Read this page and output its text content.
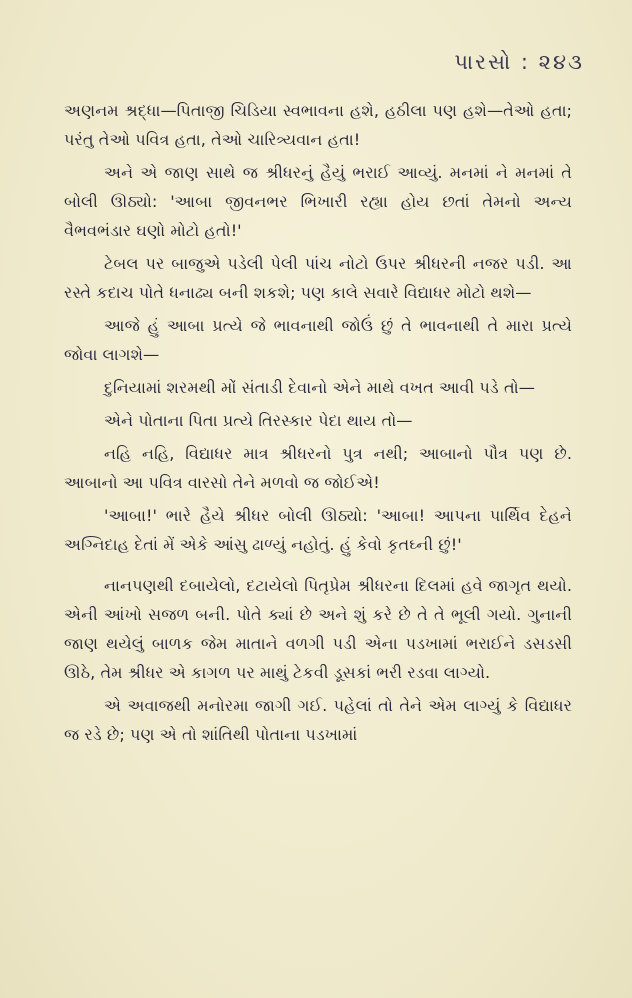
પારસો : ૨૪૩

અણનમ શ્રદ્ધા—પિતાજી ચિડિયા સ્વભાવના હશે, હઠીલા પણ હશે—તેઓ હતા; પરંતુ તેઓ પવિત્ર હતા, તેઓ ચારિત્ર્યવાન હતા!

અને એ જાણ સાથે જ શ્રીધરનું હૈયું ભરાઈ આવ્યું. મનમાં ને મનમાં તે બોલી ઊઠ્યો: 'આબા જીવનભર ભિખારી રહ્યા હોય છતાં તેમનો અન્ય વૈભવભંડાર ઘણો મોટો હતો!'

ટેબલ પર બાજુએ પડેલી પેલી પાંચ નોટો ઉપર શ્રીધરની નજર પડી. આ રસ્તે કદાચ પોતે ધનાઢ્ય બની શકશે; પણ કાલે સવારે વિદ્યાધર મોટો થશે—

આજે હું આબા પ્રત્યે જે ભાવનાથી જોઉં છું તે ભાવનાથી તે મારા પ્રત્યે જોવા લાગશે—

દુનિયામાં શરમથી મોં સંતાડી દેવાનો એને માથે વખત આવી પડે તો—

એને પોતાના પિતા પ્રત્યે તિરસ્કાર પેદા થાય તો—

નહિ નહિ, વિદ્યાધર માત્ર શ્રીધરનો પુત્ર નથી; આબાનો પૌત્ર પણ છે. આબાનો આ પવિત્ર વારસો તેને મળવો જ જોઈએ!

'આબા!' ભારે હૈયે શ્રીધર બોલી ઊઠ્યો: 'આબા! આપના પાર્થિવ દેહને અગ્નિદાહ દેતાં મેં એકે આંસુ ઢાળ્યું નહોતું. હું કેવો કૃતઘ્ની છું!'

નાનપણથી દબાયેલો, દટાયેલો પિતૃપ્રેમ શ્રીધરના દિલમાં હવે જાગૃત થયો. એની આંખો સજળ બની. પોતે ક્યાં છે અને શું કરે છે તે તે ભૂલી ગયો. ગુનાની જાણ થયેલું બાળક જેમ માતાને વળગી પડી એના પડખામાં ભરાઈને ડસડસી ઊઠે, તેમ શ્રીધર એ કાગળ પર માથું ટેકવી ડૂસકાં ભરી રડવા લાગ્યો.

એ અવાજથી મનોરમા જાગી ગઈ. પહેલાં તો તેને એમ લાગ્યું કે વિદ્યાધર જ રડે છે; પણ એ તો શાંતિથી પોતાના પડખામાં
